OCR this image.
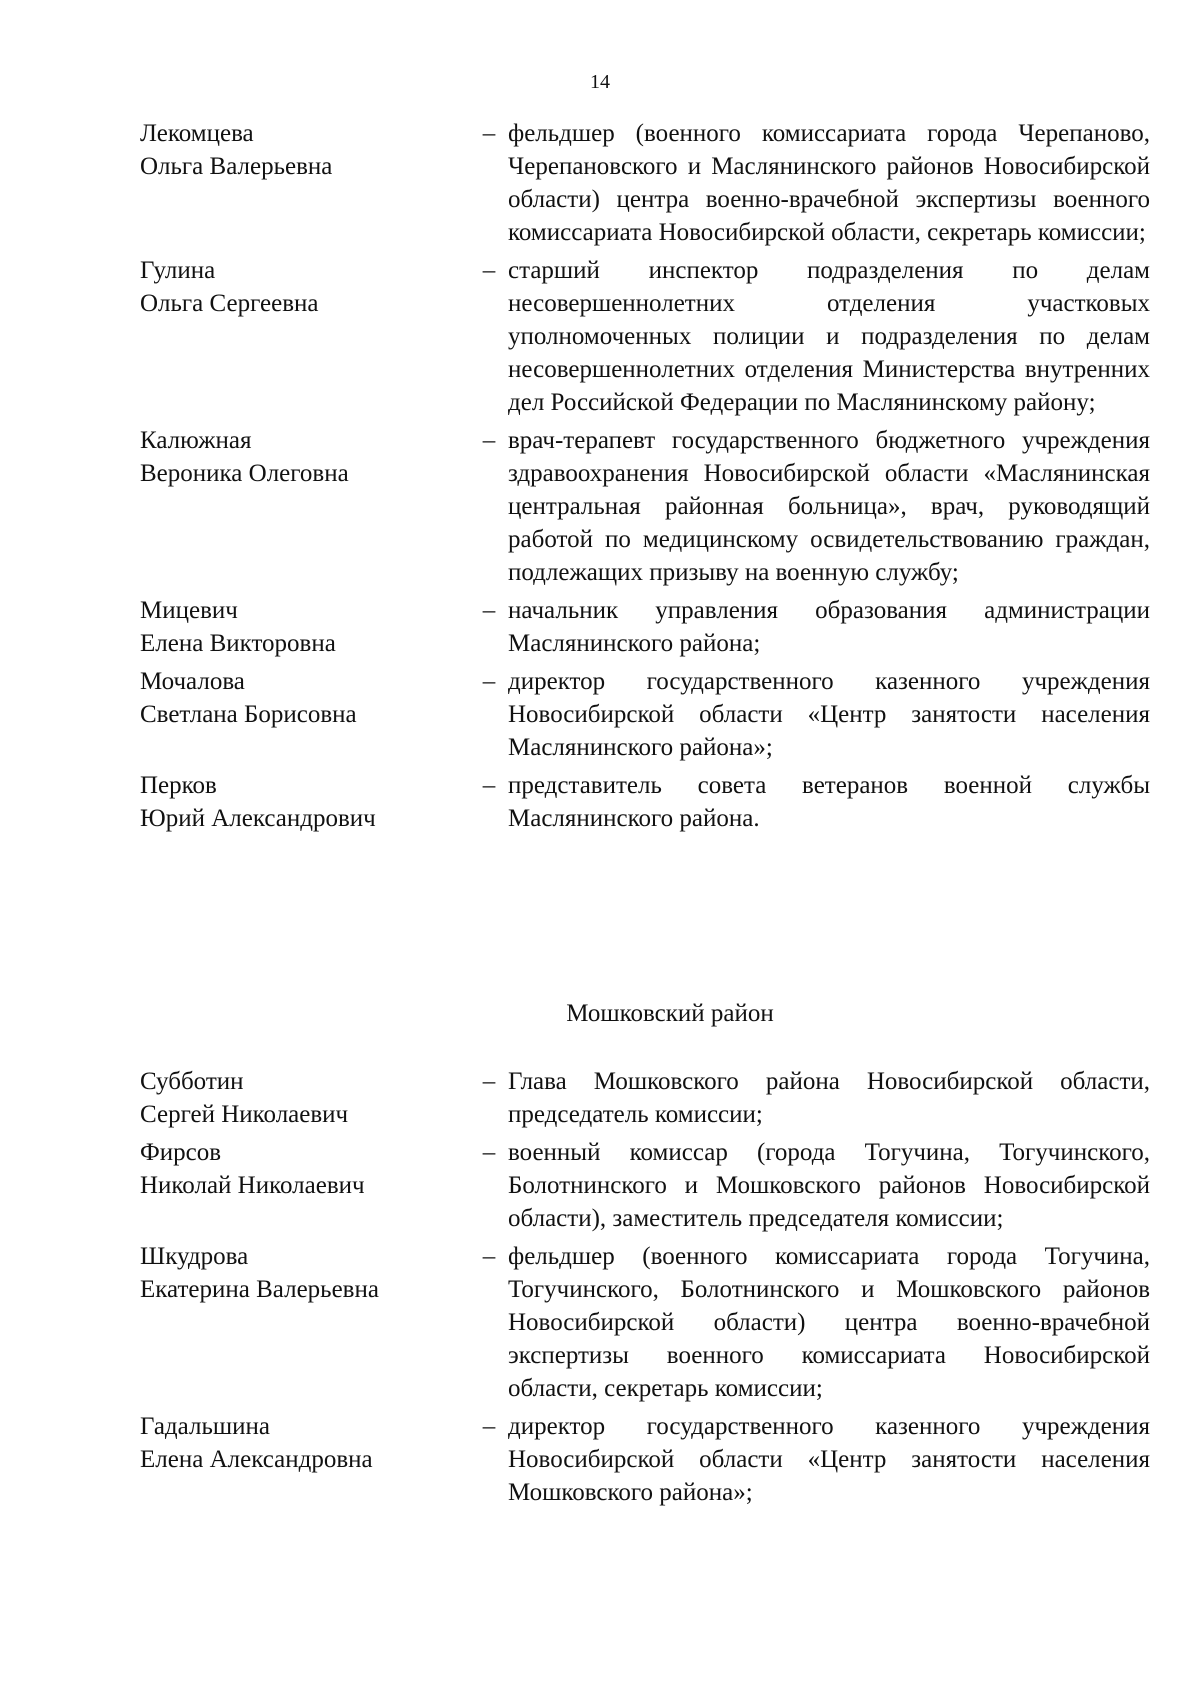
14
Лекомцева
Ольга Валерьевна
– фельдшер (военного комиссариата города Черепаново, Черепановского и Маслянинского районов Новосибирской области) центра военно-врачебной экспертизы военного комиссариата Новосибирской области, секретарь комиссии;
Гулина
Ольга Сергеевна
– старший инспектор подразделения по делам несовершеннолетних отделения участковых уполномоченных полиции и подразделения по делам несовершеннолетних отделения Министерства внутренних дел Российской Федерации по Маслянинскому району;
Калюжная
Вероника Олеговна
– врач-терапевт государственного бюджетного учреждения здравоохранения Новосибирской области «Маслянинская центральная районная больница», врач, руководящий работой по медицинскому освидетельствованию граждан, подлежащих призыву на военную службу;
Мицевич
Елена Викторовна
– начальник управления образования администрации Маслянинского района;
Мочалова
Светлана Борисовна
– директор государственного казенного учреждения Новосибирской области «Центр занятости населения Маслянинского района»;
Перков
Юрий Александрович
– представитель совета ветеранов военной службы Маслянинского района.
Мошковский район
Субботин
Сергей Николаевич
– Глава Мошковского района Новосибирской области, председатель комиссии;
Фирсов
Николай Николаевич
– военный комиссар (города Тогучина, Тогучинского, Болотнинского и Мошковского районов Новосибирской области), заместитель председателя комиссии;
Шкудрова
Екатерина Валерьевна
– фельдшер (военного комиссариата города Тогучина, Тогучинского, Болотнинского и Мошковского районов Новосибирской области) центра военно-врачебной экспертизы военного комиссариата Новосибирской области, секретарь комиссии;
Гадальшина
Елена Александровна
– директор государственного казенного учреждения Новосибирской области «Центр занятости населения Мошковского района»;
